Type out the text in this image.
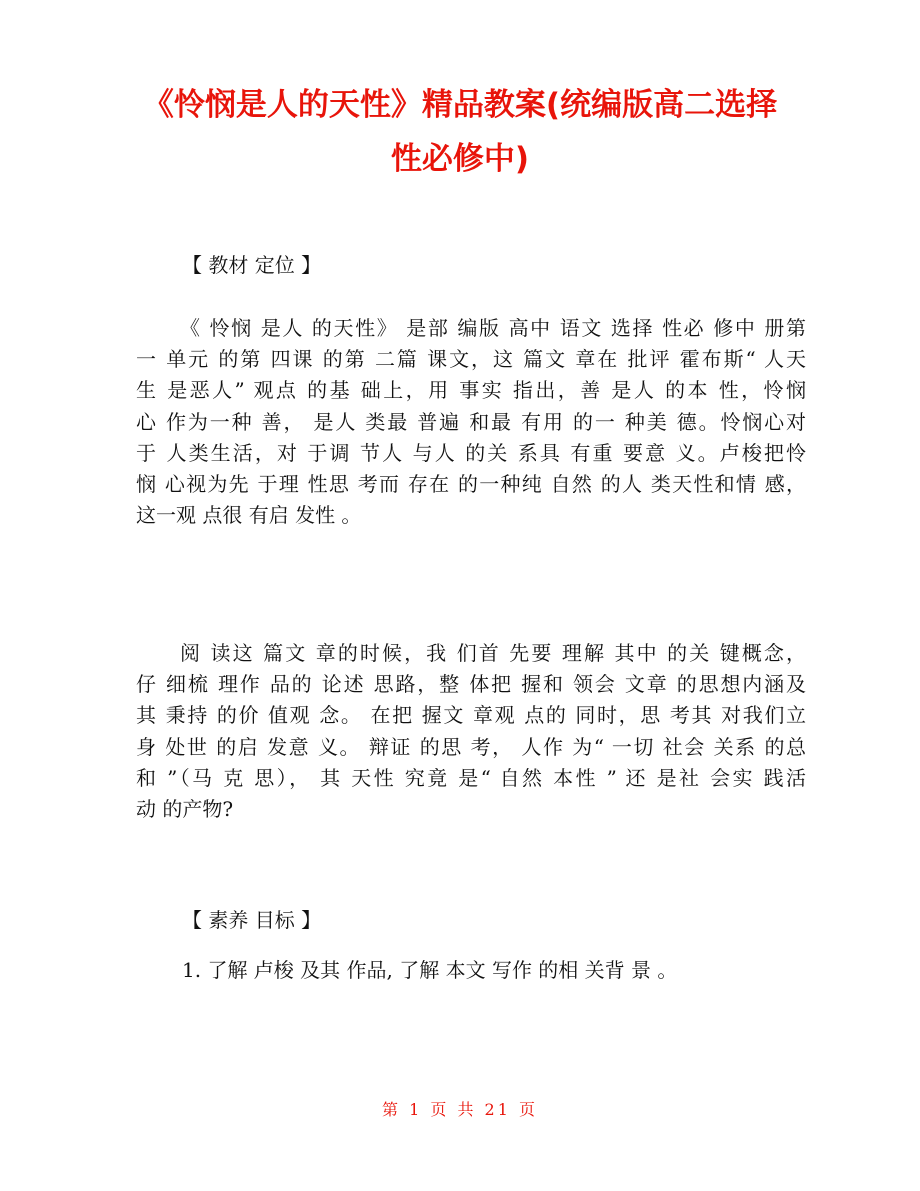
《怜悯是人的天性》精品教案(统编版高二选择
性必修中)
【 教材 定位 】
《 怜悯 是人 的天性》 是部 编版 高中 语文 选择 性必 修中 册第
一 单元 的第 四课 的第 二篇 课文，这 篇文 章在 批评 霍布斯“ 人天
生 是恶人” 观点 的基 础上，用 事实 指出，善 是人 的本 性，怜悯
心 作为一种 善， 是人 类最 普遍 和最 有用 的一 种美 德。怜悯心对
于 人类生活，对 于调 节人 与人 的关 系具 有重 要意 义。卢梭把怜
悯 心视为先 于理 性思 考而 存在 的一种纯 自然 的人 类天性和情 感，
这一观 点很 有启 发性 。
阅 读这 篇文 章的时候，我 们首 先要 理解 其中 的关 键概念，
仔 细梳 理作 品的 论述 思路，整 体把 握和 领会 文章 的思想内涵及
其 秉持 的价 值观 念。 在把 握文 章观 点的 同时，思 考其 对我们立
身 处世 的启 发意 义。 辩证 的思 考， 人作 为“ 一切 社会 关系 的总
和 ”（马 克 思）， 其 天性 究竟 是“ 自然 本性 ” 还 是社 会实 践活
动 的产物?
【 素养 目标 】
1. 了解 卢梭 及其 作品, 了解 本文 写作 的相 关背 景 。
第 1 页 共 21 页
